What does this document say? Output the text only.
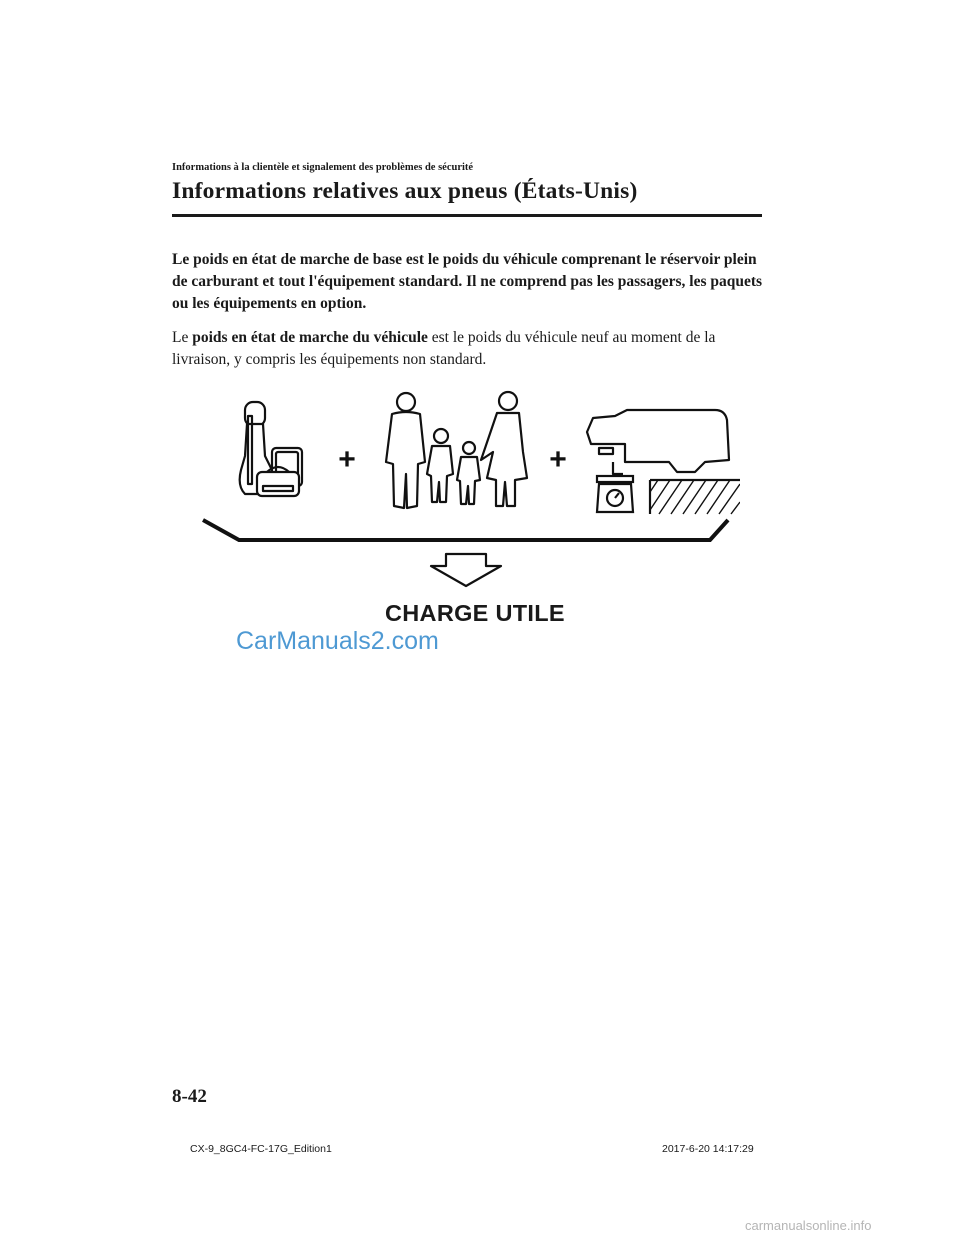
Informations à la clientèle et signalement des problèmes de sécurité
Informations relatives aux pneus (États-Unis)
Le poids en état de marche de base est le poids du véhicule comprenant le réservoir plein de carburant et tout l'équipement standard. Il ne comprend pas les passagers, les paquets ou les équipements en option.
Le poids en état de marche du véhicule est le poids du véhicule neuf au moment de la livraison, y compris les équipements non standard.
+	+
CHARGE UTILE
CarManuals2.com
8-42
CX-9_8GC4-FC-17G_Edition1	2017-6-20 14:17:29
carmanualsonline.info
